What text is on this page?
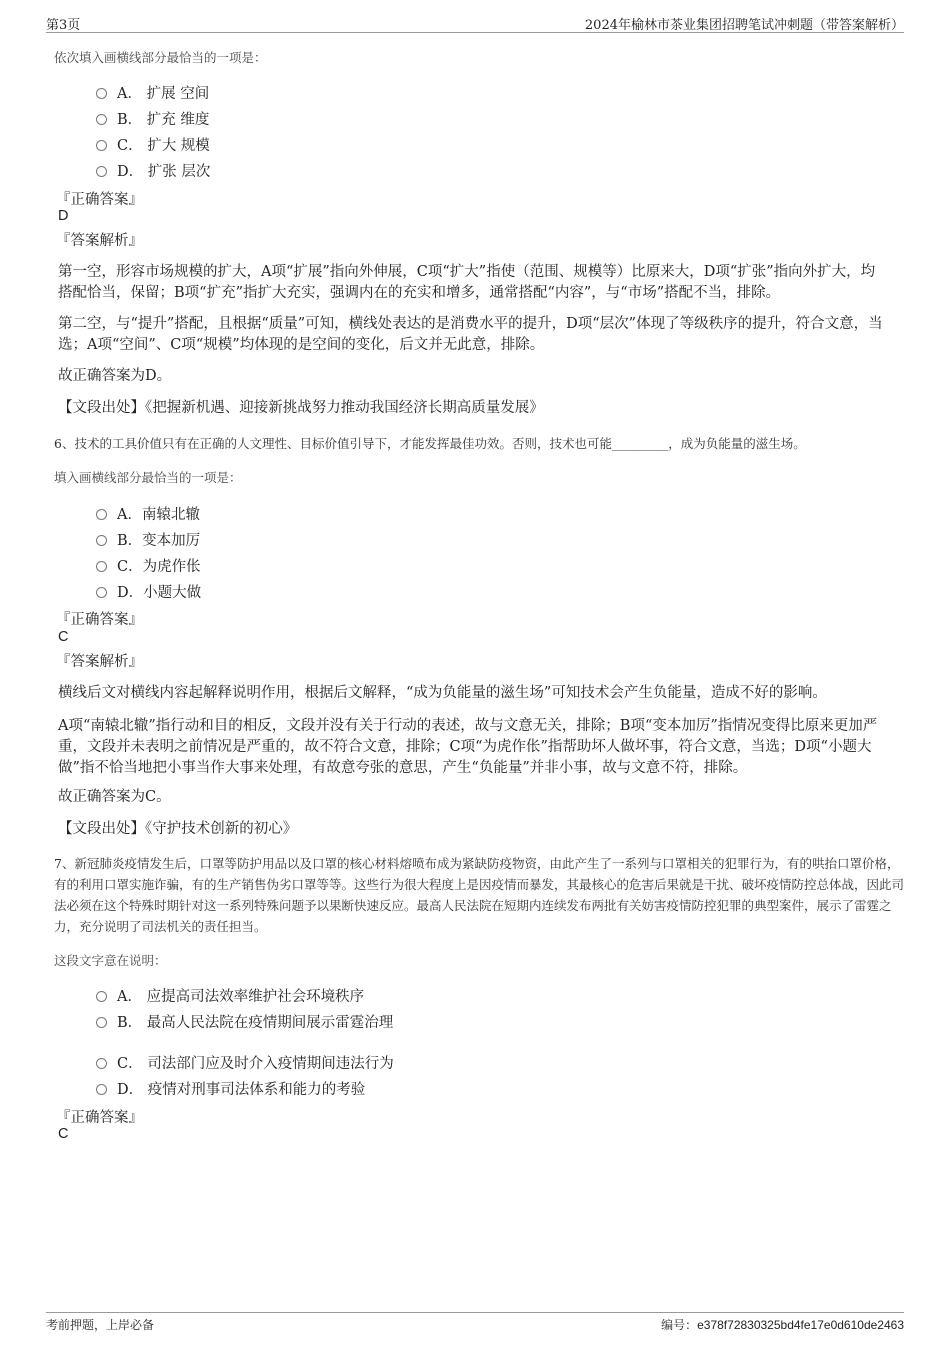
第3页	2024年榆林市茶业集团招聘笔试冲刺题（带答案解析）
依次填入画横线部分最恰当的一项是：
A． 扩展 空间
B． 扩充 维度
C． 扩大 规模
D． 扩张 层次
『正确答案』
D
『答案解析』
第一空，形容市场规模的扩大，A项“扩展”指向外伸展，C项“扩大”指使（范围、规模等）比原来大，D项“扩张”指向外扩大，均搭配恰当，保留；B项“扩充”指扩大充实，强调内在的充实和增多，通常搭配“内容”，与“市场”搭配不当，排除。
第二空，与“提升”搭配，且根据“质量”可知，横线处表达的是消费水平的提升，D项“层次”体现了等级秩序的提升，符合文意，当选；A项“空间”、C项“规模”均体现的是空间的变化，后文并无此意，排除。
故正确答案为D。
【文段出处】《把握新机遇、迎接新挑战努力推动我国经济长期高质量发展》
6、技术的工具价值只有在正确的人文理性、目标价值引导下，才能发挥最佳功效。否则，技术也可能_________，成为负能量的滋生场。
填入画横线部分最恰当的一项是：
A．南辕北辙
B．变本加厉
C．为虎作伥
D．小题大做
『正确答案』
C
『答案解析』
横线后文对横线内容起解释说明作用，根据后文解释，“成为负能量的滋生场”可知技术会产生负能量，造成不好的影响。
A项“南辕北辙”指行动和目的相反，文段并没有关于行动的表述，故与文意无关，排除；B项“变本加厉”指情况变得比原来更加严重，文段并未表明之前情况是严重的，故不符合文意，排除；C项“为虎作伥”指帮助坏人做坏事，符合文意，当选；D项“小题大做”指不恰当地把小事当作大事来处理，有故意夸张的意思，产生“负能量”并非小事，故与文意不符，排除。
故正确答案为C。
【文段出处】《守护技术创新的初心》
7、新冠肺炎疫情发生后，口罩等防护用品以及口罩的核心材料熔喷布成为紧缺防疫物资，由此产生了一系列与口罩相关的犯罪行为，有的哄抬口罩价格，有的利用口罩实施诈骗，有的生产销售伪劣口罩等等。这些行为很大程度上是因疫情而暴发，其最核心的危害后果就是干扰、破坏疫情防控总体战，因此司法必须在这个特殊时期针对这一系列特殊问题予以果断快速反应。最高人民法院在短期内连续发布两批有关妨害疫情防控犯罪的典型案件，展示了雷霆之力，充分说明了司法机关的责任担当。
这段文字意在说明：
A． 应提高司法效率维护社会环境秩序
B． 最高人民法院在疫情期间展示雷霆治理
C． 司法部门应及时介入疫情期间违法行为
D． 疫情对刑事司法体系和能力的考验
『正确答案』
C
考前押题，上岸必备	编号：e378f72830325bd4fe17e0d610de2463
